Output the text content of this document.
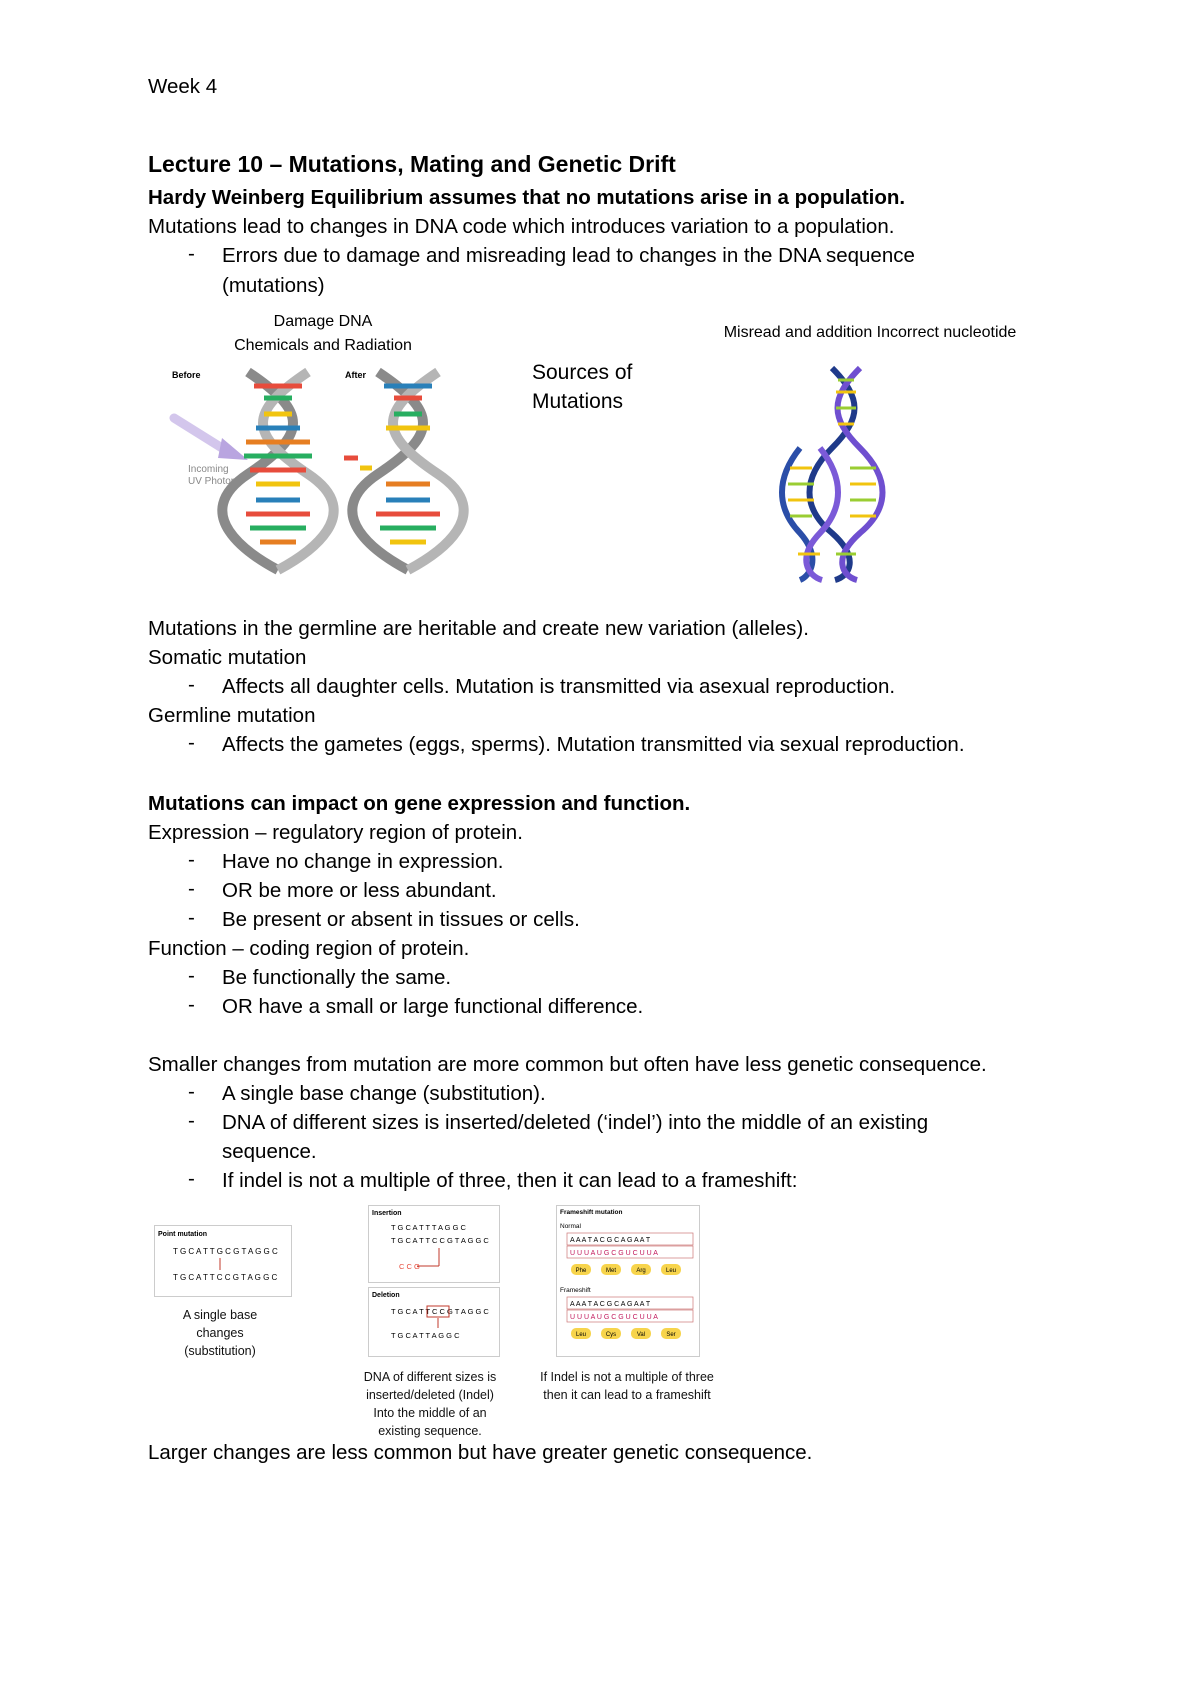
Week 4
Lecture 10 – Mutations, Mating and Genetic Drift
Hardy Weinberg Equilibrium assumes that no mutations arise in a population.
Mutations lead to changes in DNA code which introduces variation to a population.
- Errors due to damage and misreading lead to changes in the DNA sequence
(mutations)
Damage DNA
Chemicals and Radiation
Before	After
Incoming
UV Photon
Sources of
Mutations
Misread and addition Incorrect nucleotide
Mutations in the germline are heritable and create new variation (alleles).
Somatic mutation
- Affects all daughter cells. Mutation is transmitted via asexual reproduction.
Germline mutation
- Affects the gametes (eggs, sperms). Mutation transmitted via sexual reproduction.
Mutations can impact on gene expression and function.
Expression – regulatory region of protein.
- Have no change in expression.
- OR be more or less abundant.
- Be present or absent in tissues or cells.
Function – coding region of protein.
- Be functionally the same.
- OR have a small or large functional difference.
Smaller changes from mutation are more common but often have less genetic consequence.
- A single base change (substitution).
- DNA of different sizes is inserted/deleted (‘indel’) into the middle of an existing
sequence.
- If indel is not a multiple of three, then it can lead to a frameshift:
Point mutation
T G C A T T G C G T A G G C
T G C A T T C C G T A G G C
A single base
changes
(substitution)
Insertion
T G C A T T T A G G C
T G C A T T C C G T A G G C
C C G
Deletion
T G C A T T C C G T A G G C
T G C A T T A G G C
DNA of different sizes is
inserted/deleted (Indel)
Into the middle of an
existing sequence.
Frameshift mutation
Normal
A A A T A C G C A G A A T
U U U A U G C G U C U U A
Phe	Met	Arg	Leu
Frameshift
A A A T A C G C A G A A T
U U U A U G C G U C U U A
Leu	Cys	Val	Ser
If Indel is not a multiple of three
then it can lead to a frameshift
Larger changes are less common but have greater genetic consequence.
